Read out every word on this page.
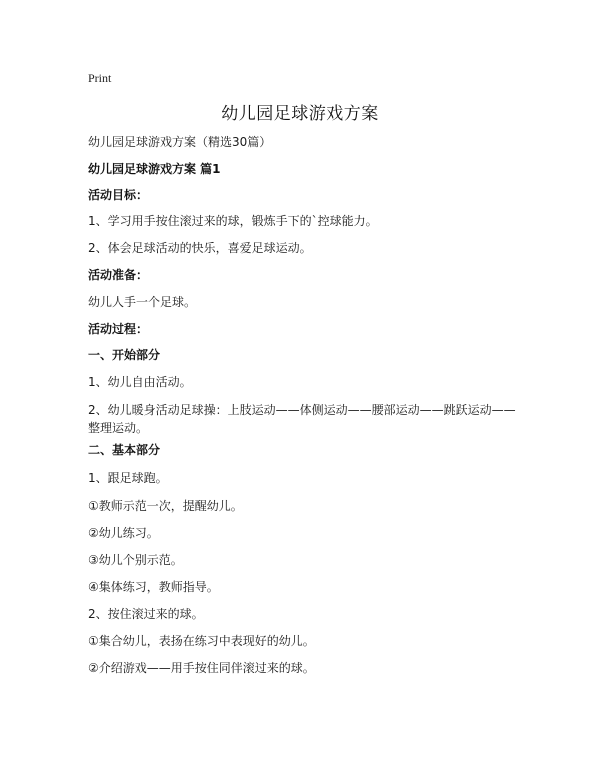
Print
幼儿园足球游戏方案

幼儿园足球游戏方案（精选30篇）

幼儿园足球游戏方案 篇1

活动目标：

1、学习用手按住滚过来的球，锻炼手下的`控球能力。

2、体会足球活动的快乐，喜爱足球运动。

活动准备：

幼儿人手一个足球。

活动过程：

一、开始部分

1、幼儿自由活动。

2、幼儿暖身活动足球操：上肢运动——体侧运动——腰部运动——跳跃运动——整理运动。

二、基本部分

1、跟足球跑。

①教师示范一次，提醒幼儿。

②幼儿练习。

③幼儿个别示范。

④集体练习，教师指导。

2、按住滚过来的球。

①集合幼儿，表扬在练习中表现好的幼儿。

②介绍游戏——用手按住同伴滚过来的球。
